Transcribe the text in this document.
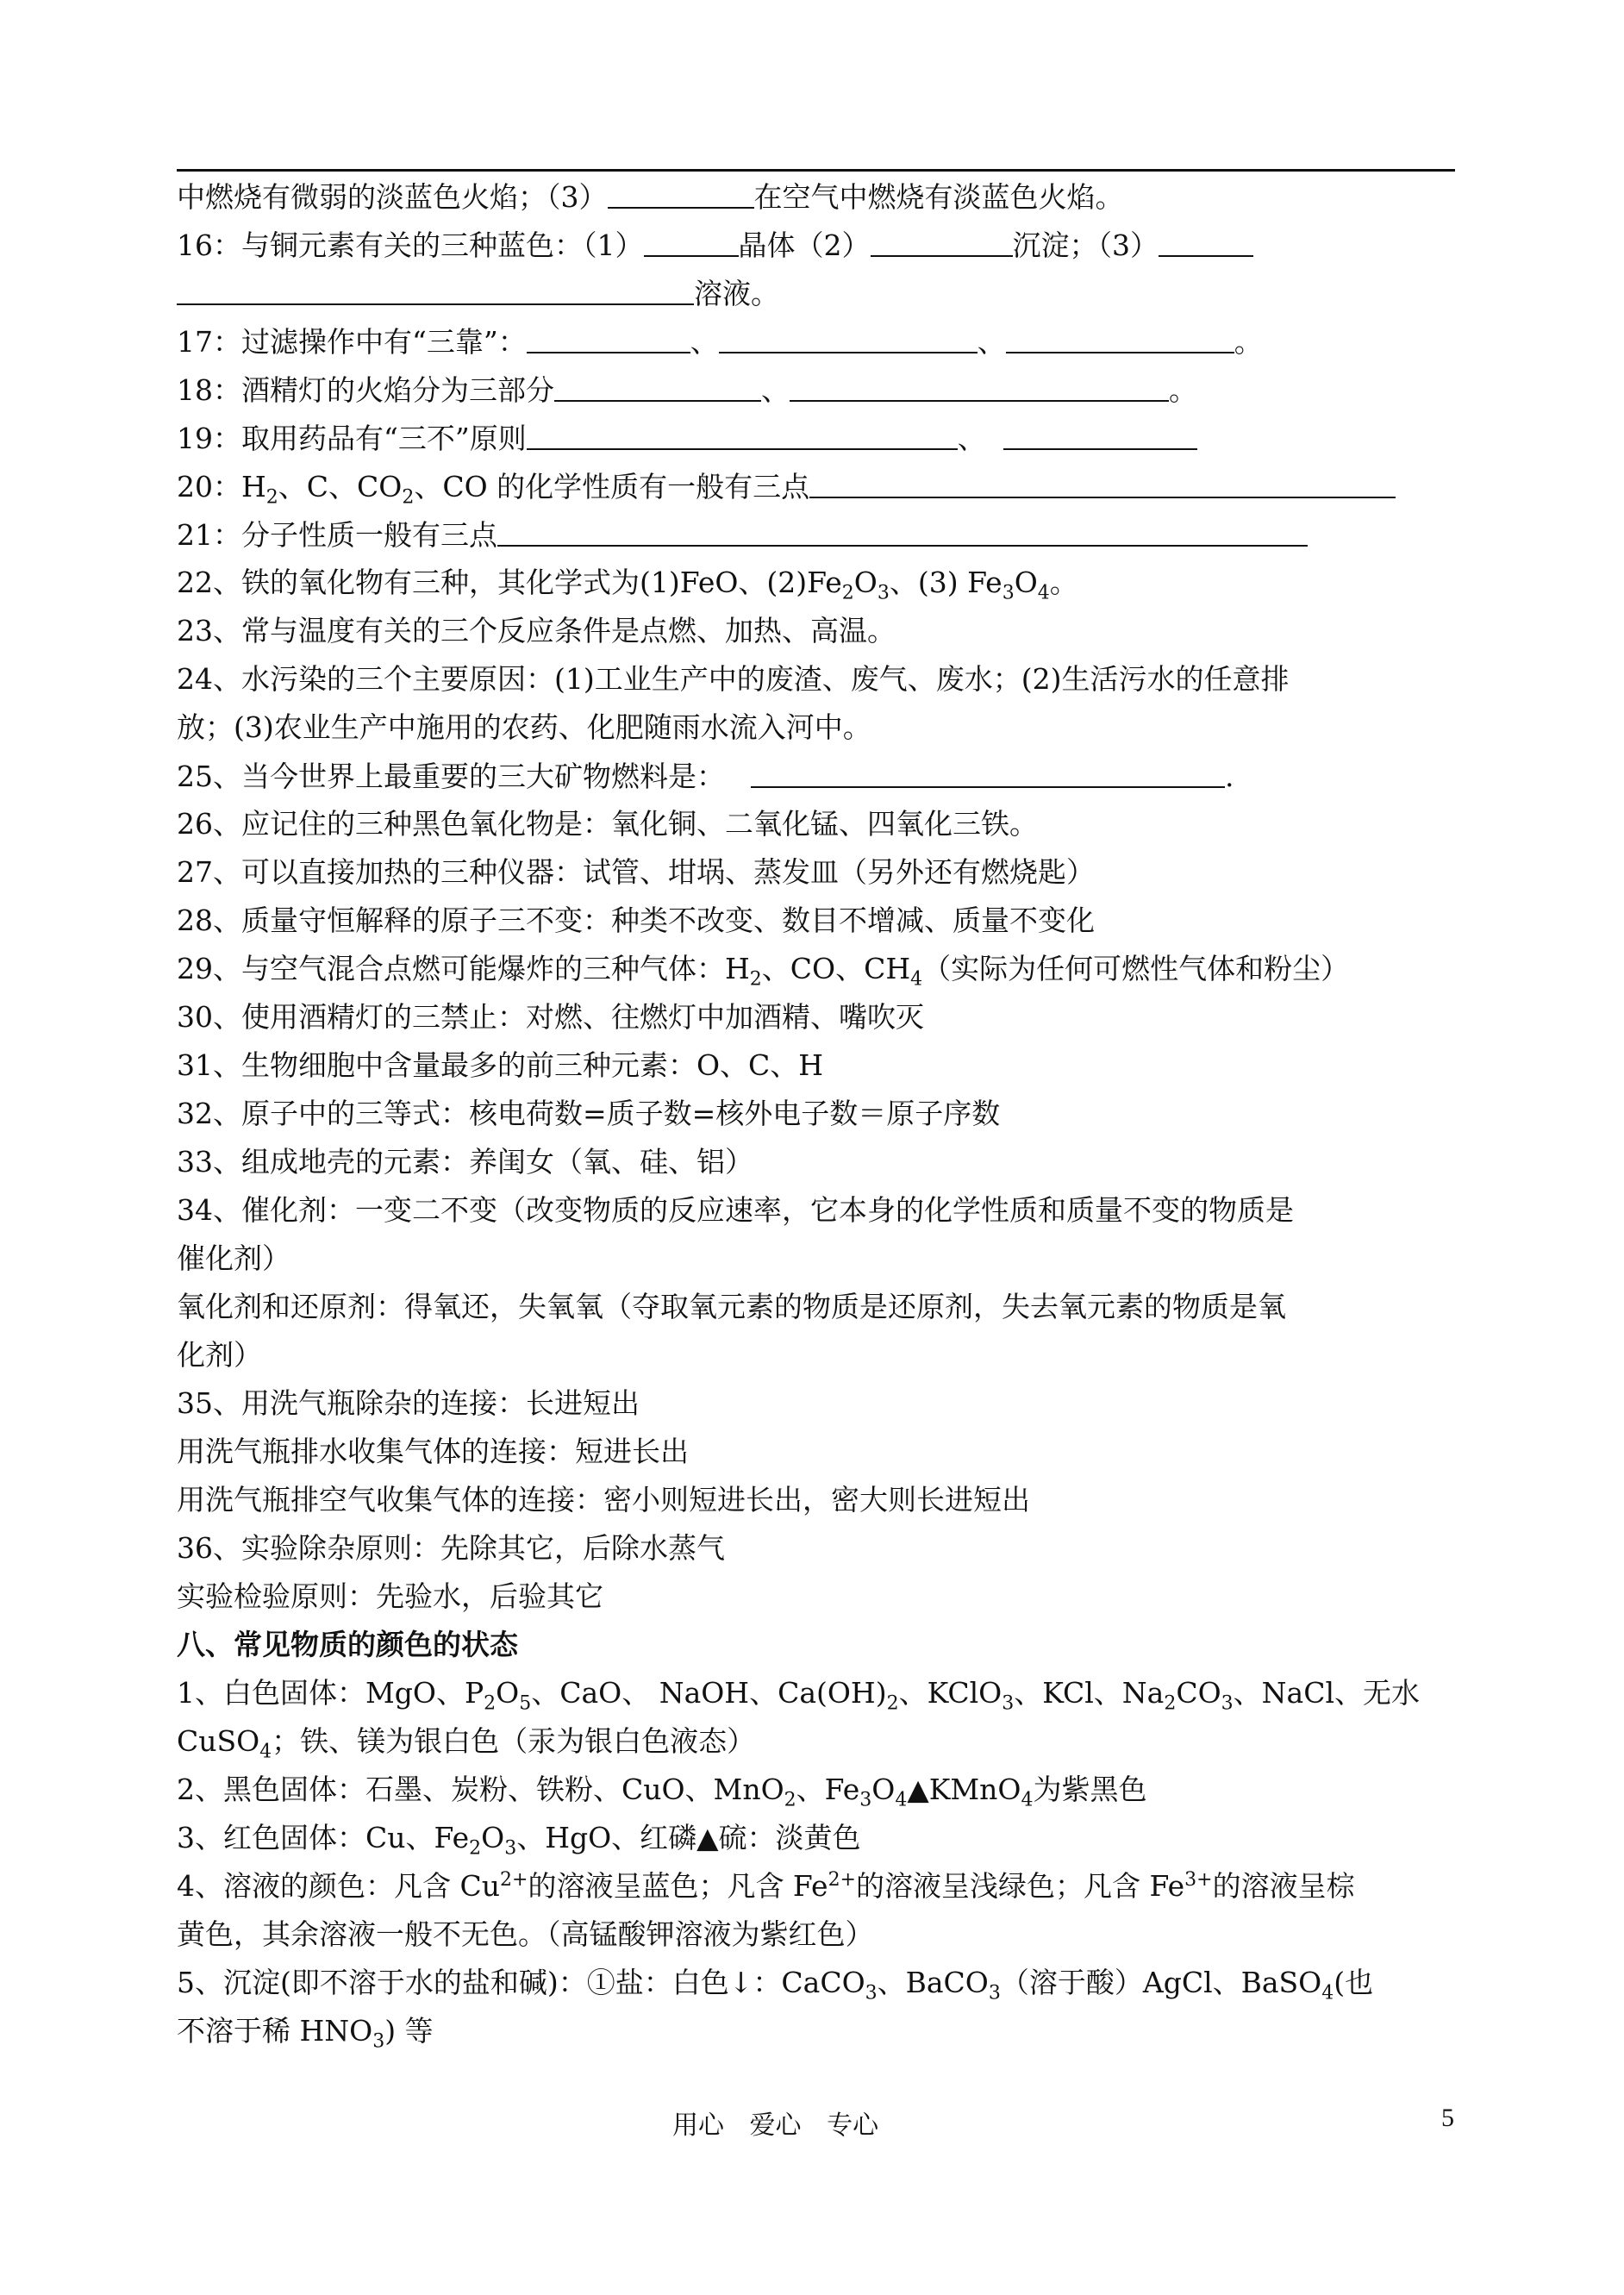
中燃烧有微弱的淡蓝色火焰；（3）	在空气中燃烧有淡蓝色火焰。
16：与铜元素有关的三种蓝色：（1）	晶体（2）	沉淀；（3）
溶液。
17：过滤操作中有“三靠”：	、	、	。
18：酒精灯的火焰分为三部分	、	。
19：取用药品有“三不”原则	、
20：$H_2$、C、$CO_2$、CO 的化学性质有一般有三点
21：分子性质一般有三点
22、铁的氧化物有三种，其化学式为(1)FeO、$(2)Fe_2O_3$、(3) $Fe_3O_4$。
23、常与温度有关的三个反应条件是点燃、加热、高温。
24、水污染的三个主要原因：(1)工业生产中的废渣、废气、废水；(2)生活污水的任意排
放；(3)农业生产中施用的农药、化肥随雨水流入河中。
25、当今世界上最重要的三大矿物燃料是：	.
26、应记住的三种黑色氧化物是：氧化铜、二氧化锰、四氧化三铁。
27、可以直接加热的三种仪器：试管、坩埚、蒸发皿（另外还有燃烧匙）
28、质量守恒解释的原子三不变：种类不改变、数目不增减、质量不变化
29、与空气混合点燃可能爆炸的三种气体：$H_2$、CO、$CH_4$（实际为任何可燃性气体和粉尘）
30、使用酒精灯的三禁止：对燃、往燃灯中加酒精、嘴吹灭
31、生物细胞中含量最多的前三种元素：O、C、H
32、原子中的三等式：核电荷数=质子数=核外电子数＝原子序数
33、组成地壳的元素：养闺女（氧、硅、铝）
34、催化剂：一变二不变（改变物质的反应速率，它本身的化学性质和质量不变的物质是
催化剂）
氧化剂和还原剂：得氧还，失氧氧（夺取氧元素的物质是还原剂，失去氧元素的物质是氧
化剂）
35、用洗气瓶除杂的连接：长进短出
用洗气瓶排水收集气体的连接：短进长出
用洗气瓶排空气收集气体的连接：密小则短进长出，密大则长进短出
36、实验除杂原则：先除其它，后除水蒸气
实验检验原则：先验水，后验其它
八、常见物质的颜色的状态
1、白色固体：MgO、$P_2O_5$、CaO、 NaOH、$Ca(OH)_2$、KClO$_3$、KCl、$Na_2CO_3$、NaCl、无水
CuSO$_4$；铁、镁为银白色（汞为银白色液态）
2、黑色固体：石墨、炭粉、铁粉、CuO、MnO$_2$、$Fe_3O_4▲KMnO_4$为紫黑色
3、红色固体：Cu、$Fe_2O_3$、HgO、红磷▲硫：淡黄色
4、溶液的颜色：凡含 $Cu^{2+}$的溶液呈蓝色；凡含 $Fe^{2+}$的溶液呈浅绿色；凡含 $Fe^{3+}$的溶液呈棕
黄色，其余溶液一般不无色。（高锰酸钾溶液为紫红色）
5、沉淀(即不溶于水的盐和碱)：①盐：白色↓：CaCO$_3$、BaCO$_3$（溶于酸）AgCl、BaSO$_4$(也
不溶于稀 $HNO_3$) 等
用心 爱心 专心	5
